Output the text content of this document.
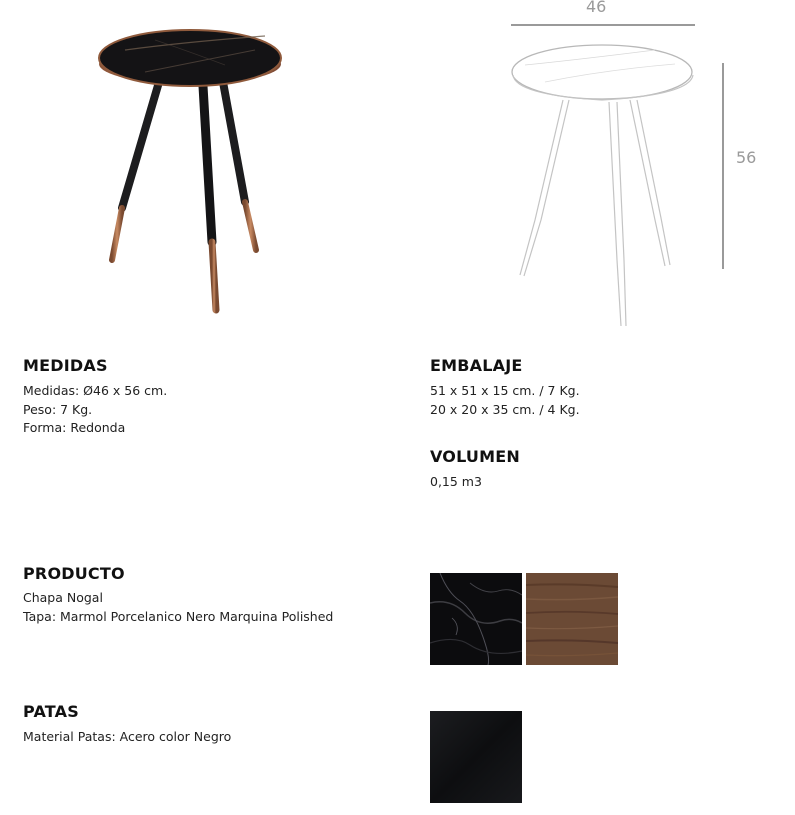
46
56
MEDIDAS
Medidas: Ø46 x 56 cm.
Peso: 7 Kg.
Forma: Redonda
EMBALAJE
51 x 51 x 15 cm. / 7 Kg.
20 x 20 x 35 cm. / 4 Kg.
VOLUMEN
0,15 m3
PRODUCTO
Chapa Nogal
Tapa: Marmol Porcelanico Nero Marquina Polished
PATAS
Material Patas: Acero color Negro
